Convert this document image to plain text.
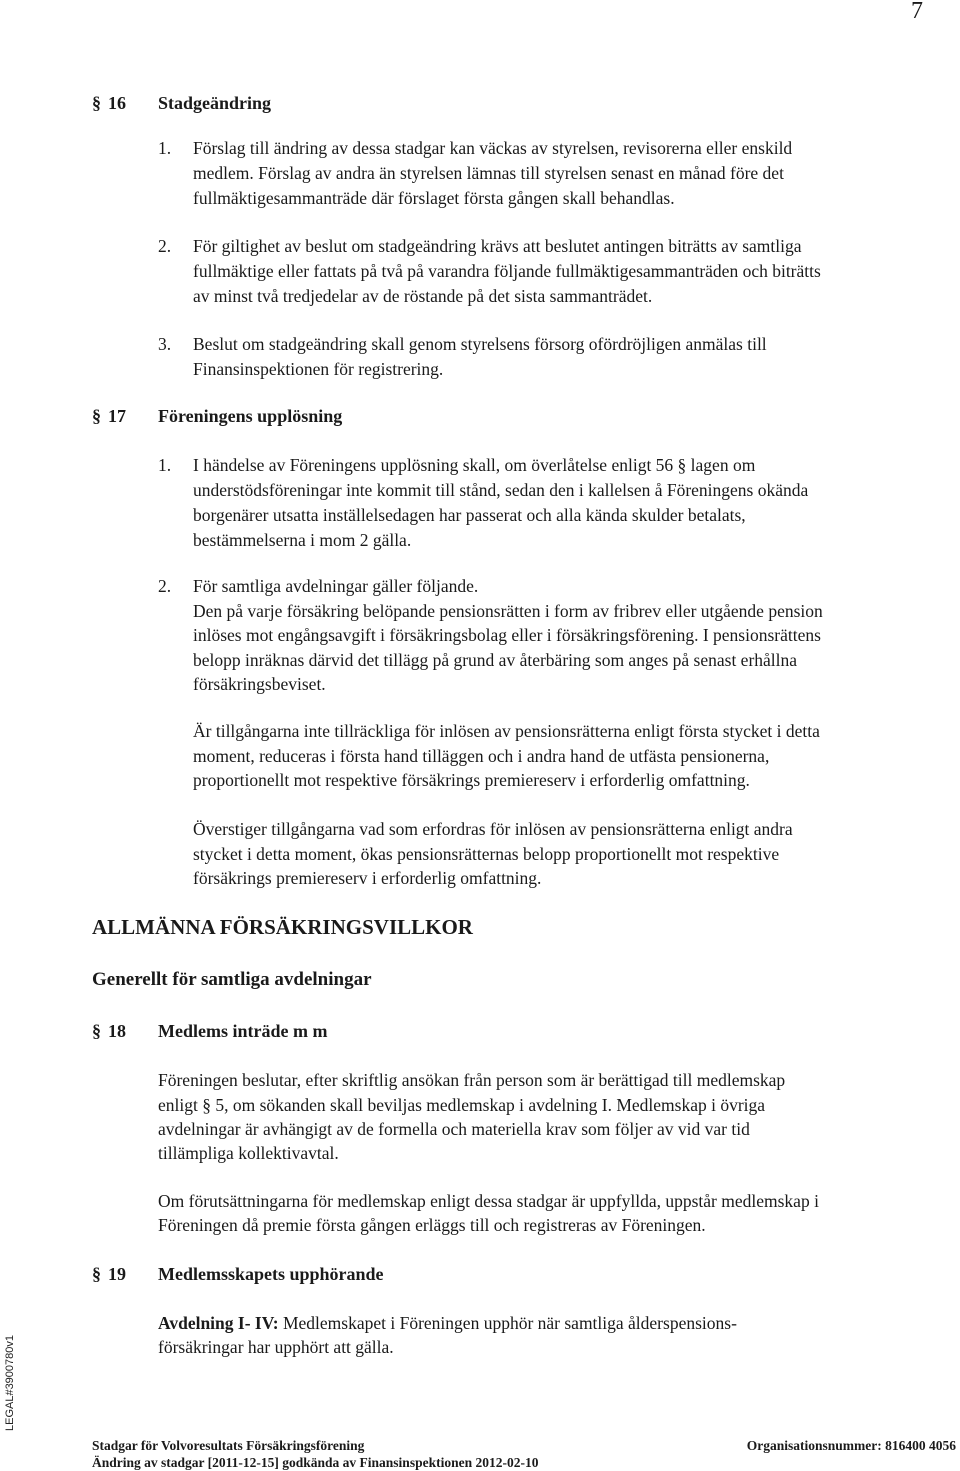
7
§ 16 Stadgeändring
1. Förslag till ändring av dessa stadgar kan väckas av styrelsen, revisorerna eller enskild
medlem. Förslag av andra än styrelsen lämnas till styrelsen senast en månad före det
fullmäktigesammanträde där förslaget första gången skall behandlas.
2. För giltighet av beslut om stadgeändring krävs att beslutet antingen biträtts av samtliga
fullmäktige eller fattats på två på varandra följande fullmäktigesammanträden och biträtts
av minst två tredjedelar av de röstande på det sista sammanträdet.
3. Beslut om stadgeändring skall genom styrelsens försorg ofördröjligen anmälas till
Finansinspektionen för registrering.
§ 17 Föreningens upplösning
1. I händelse av Föreningens upplösning skall, om överlåtelse enligt 56 § lagen om
understödsföreningar inte kommit till stånd, sedan den i kallelsen å Föreningens okända
borgenärer utsatta inställelsedagen har passerat och alla kända skulder betalats,
bestämmelserna i mom 2 gälla.
2. För samtliga avdelningar gäller följande.
Den på varje försäkring belöpande pensionsrätten i form av fribrev eller utgående pension
inlöses mot engångsavgift i försäkringsbolag eller i försäkringsförening. I pensionsrättens
belopp inräknas därvid det tillägg på grund av återbäring som anges på senast erhållna
försäkringsbeviset.
Är tillgångarna inte tillräckliga för inlösen av pensionsrätterna enligt första stycket i detta
moment, reduceras i första hand tilläggen och i andra hand de utfästa pensionerna,
proportionellt mot respektive försäkrings premiereserv i erforderlig omfattning.
Överstiger tillgångarna vad som erfordras för inlösen av pensionsrätterna enligt andra
stycket i detta moment, ökas pensionsrätternas belopp proportionellt mot respektive
försäkrings premiereserv i erforderlig omfattning.
ALLMÄNNA FÖRSÄKRINGSVILLKOR
Generellt för samtliga avdelningar
§ 18 Medlems inträde m m
Föreningen beslutar, efter skriftlig ansökan från person som är berättigad till medlemskap
enligt § 5, om sökanden skall beviljas medlemskap i avdelning I. Medlemskap i övriga
avdelningar är avhängigt av de formella och materiella krav som följer av vid var tid
tillämpliga kollektivavtal.
Om förutsättningarna för medlemskap enligt dessa stadgar är uppfyllda, uppstår medlemskap i
Föreningen då premie första gången erläggs till och registreras av Föreningen.
§ 19 Medlemsskapets upphörande
Avdelning I- IV: Medlemskapet i Föreningen upphör när samtliga ålderspensions-
försäkringar har upphört att gälla.
LEGAL#3900780v1
Stadgar för Volvoresultats Försäkringsförening	Organisationsnummer: 816400 4056
Ändring av stadgar [2011-12-15] godkända av Finansinspektionen 2012-02-10
